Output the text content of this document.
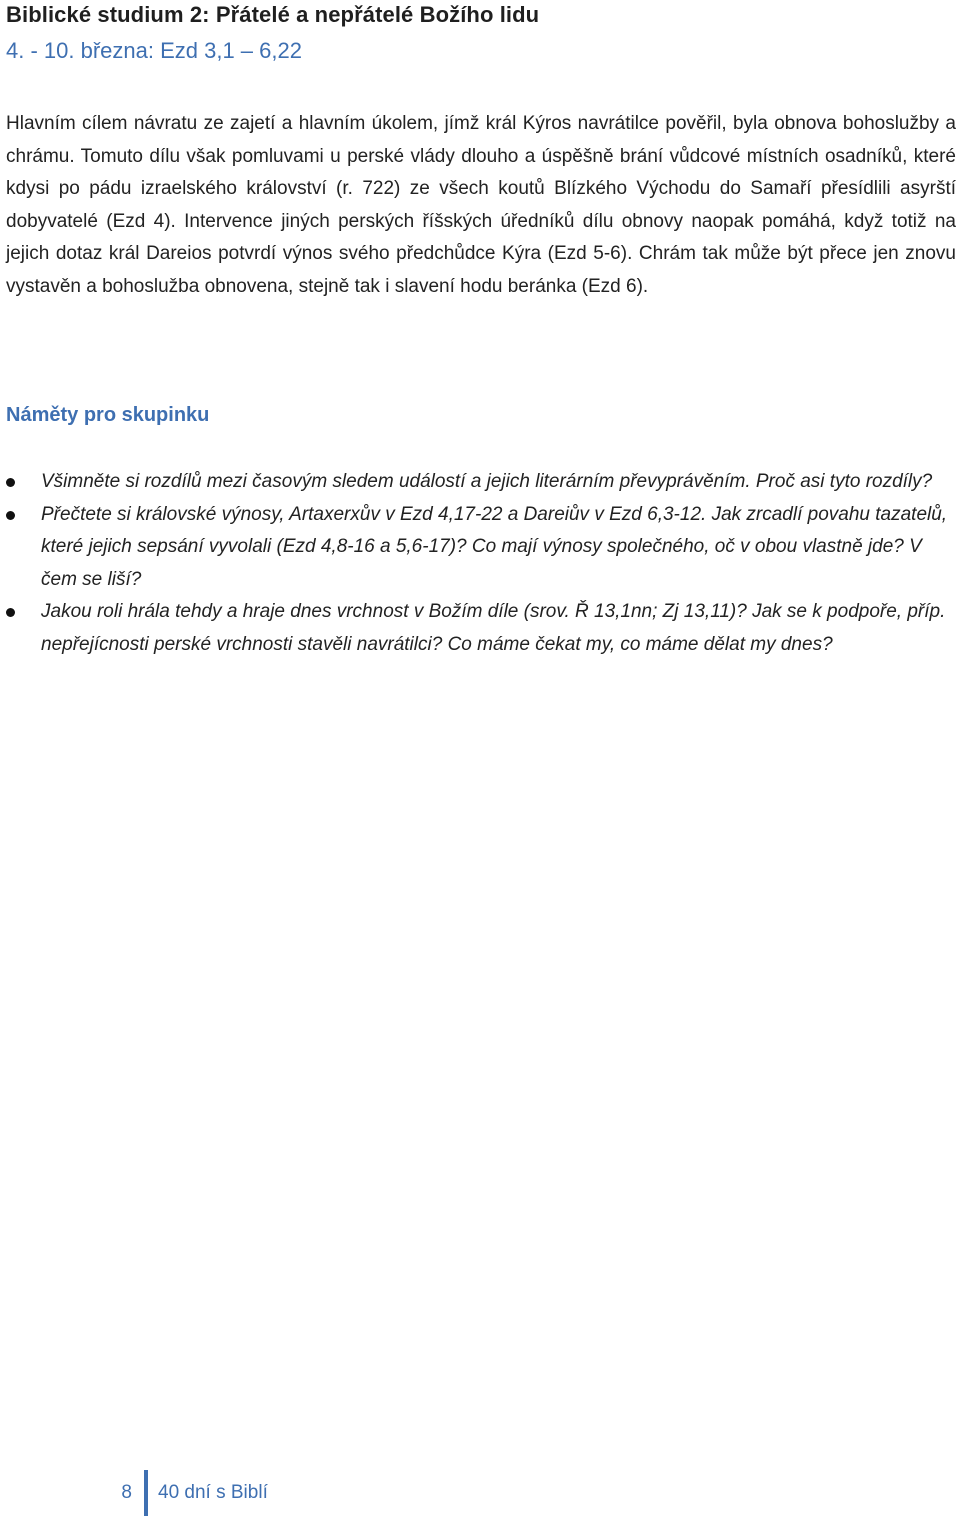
Biblické studium 2: Přátelé a nepřátelé Božího lidu
4. - 10. března: Ezd 3,1 – 6,22
Hlavním cílem návratu ze zajetí a hlavním úkolem, jímž král Kýros navrátilce pověřil, byla obnova bohoslužby a chrámu. Tomuto dílu však pomluvami u perské vlády dlouho a úspěšně brání vůdcové místních osadníků, které kdysi po pádu izraelského království (r. 722) ze všech koutů Blízkého Východu do Samaří přesídlili asyrští dobyvatelé (Ezd 4). Intervence jiných perských říšských úředníků dílu obnovy naopak pomáhá, když totiž na jejich dotaz král Dareios potvrdí výnos svého předchůdce Kýra (Ezd 5-6). Chrám tak může být přece jen znovu vystavěn a bohoslužba obnovena, stejně tak i slavení hodu beránka (Ezd 6).
Náměty pro skupinku
Všimněte si rozdílů mezi časovým sledem událostí a jejich literárním převyprávěním. Proč asi tyto rozdíly?
Přečtete si královské výnosy, Artaxerxův v Ezd 4,17-22 a Dareiův v Ezd 6,3-12. Jak zrcadlí povahu tazatelů, které jejich sepsání vyvolali (Ezd 4,8-16 a 5,6-17)? Co mají výnosy společného, oč v obou vlastně jde? V čem se liší?
Jakou roli hrála tehdy a hraje dnes vrchnost v Božím díle (srov. Ř 13,1nn; Zj 13,11)? Jak se k podpoře, příp. nepřejícnosti perské vrchnosti stavěli navrátilci? Co máme čekat my, co máme dělat my dnes?
8 40 dní s Biblí
